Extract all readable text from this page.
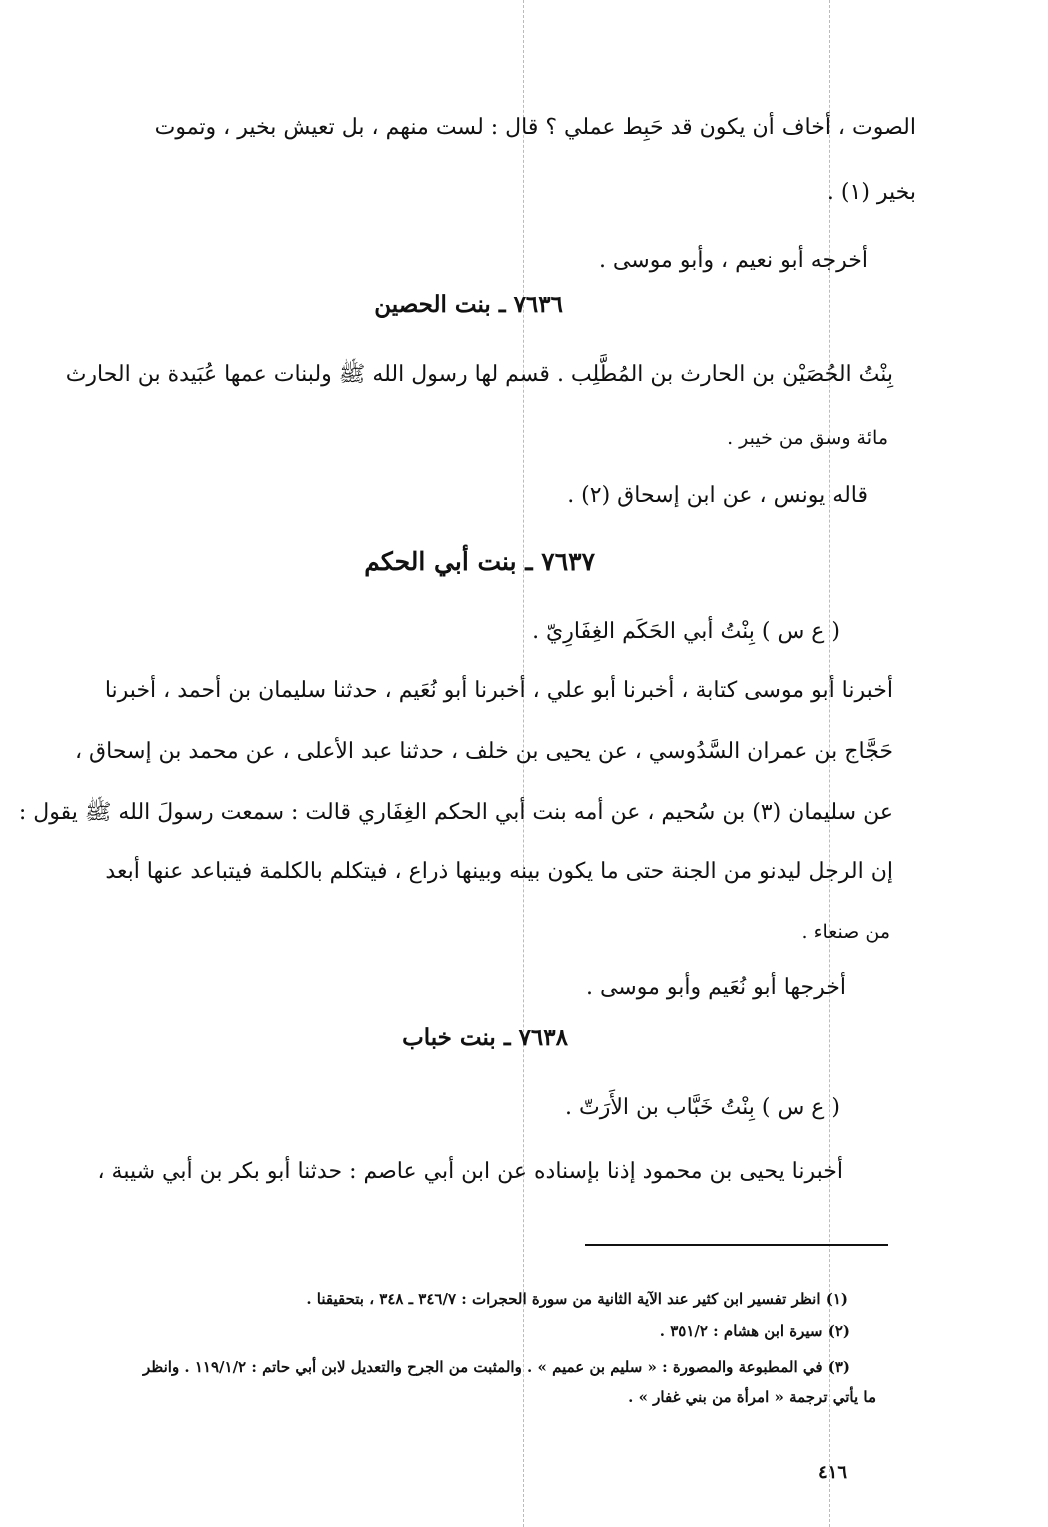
الصوت ، أخاف أن يكون قد حَبِط عملي ؟ قال : لست منهم ، بل تعيش بخير ، وتموت
بخير (١) .
أخرجه أبو نعيم ، وأبو موسى .
٧٦٣٦ ـ بنت الحصين
بِنْتُ الحُصَيْن بن الحارث بن المُطَّلِب . قسم لها رسول الله ﷺ ولبنات عمها عُبَيدة بن الحارث
مائة وسق من خيبر .
قاله يونس ، عن ابن إسحاق (٢) .
٧٦٣٧ ـ بنت أبي الحكم
( ع س ) بِنْتُ أبي الحَكَم الغِفَارِيّ .
أخبرنا أبو موسى كتابة ، أخبرنا أبو علي ، أخبرنا أبو نُعَيم ، حدثنا سليمان بن أحمد ، أخبرنا
حَجَّاج بن عمران السَّدُوسي ، عن يحيى بن خلف ، حدثنا عبد الأعلى ، عن محمد بن إسحاق ،
عن سليمان (٣) بن سُحيم ، عن أمه بنت أبي الحكم الغِفَاري قالت : سمعت رسولَ الله ﷺ يقول :
إن الرجل ليدنو من الجنة حتى ما يكون بينه وبينها ذراع ، فيتكلم بالكلمة فيتباعد عنها أبعد
من صنعاء .
أخرجها أبو نُعَيم وأبو موسى .
٧٦٣٨ ـ بنت خباب
( ع س ) بِنْتُ خَبَّاب بن الأَرَتّ .
أخبرنا يحيى بن محمود إذنا بإسناده عن ابن أبي عاصم : حدثنا أبو بكر بن أبي شيبة ،
(١) انظر تفسير ابن كثير عند الآية الثانية من سورة الحجرات : ٣٤٦/٧ ـ ٣٤٨ ، بتحقيقنا .
(٢) سيرة ابن هشام : ٣٥١/٢ .
(٣) في المطبوعة والمصورة : « سليم بن عميم » . والمثبت من الجرح والتعديل لابن أبي حاتم : ١١٩/١/٢ . وانظر
ما يأتي ترجمة « امرأة من بني غفار » .
٤١٦
